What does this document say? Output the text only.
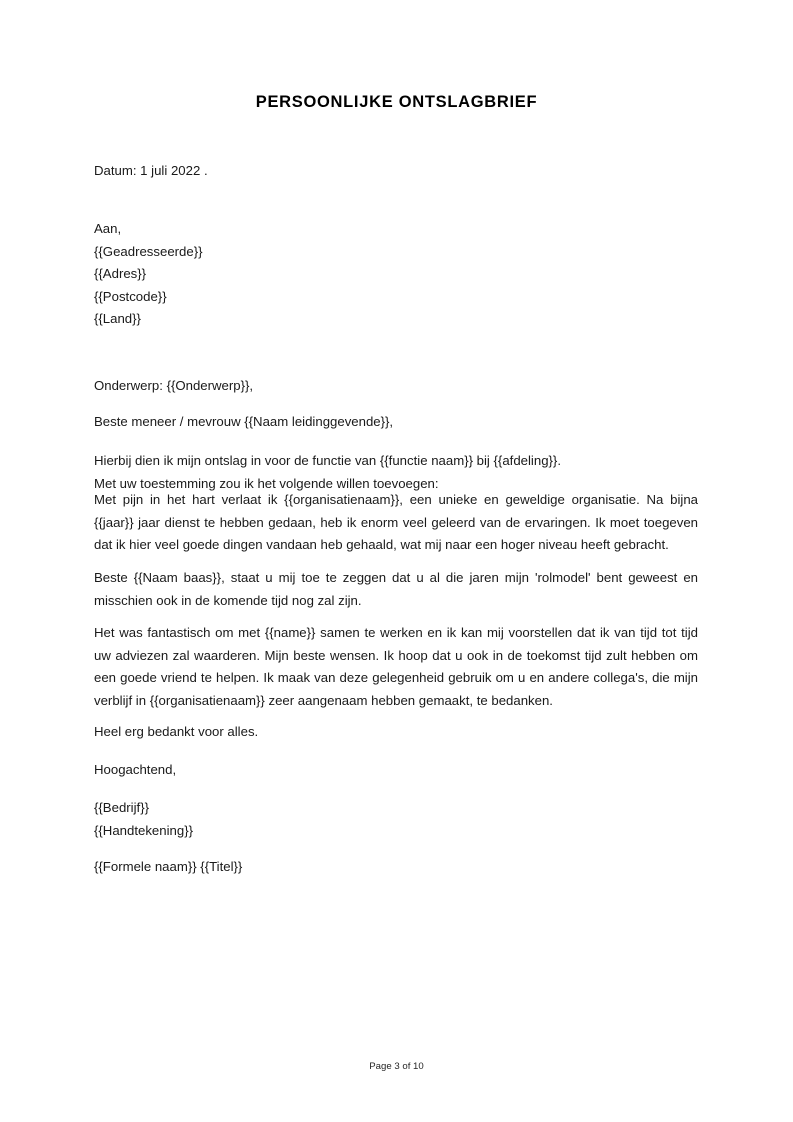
PERSOONLIJKE ONTSLAGBRIEF
Datum: 1 juli 2022 .
Aan,
{{Geadresseerde}}
{{Adres}}
{{Postcode}}
{{Land}}
Onderwerp: {{Onderwerp}},
Beste meneer / mevrouw {{Naam leidinggevende}},
Hierbij dien ik mijn ontslag in voor de functie van {{functie naam}} bij {{afdeling}}.
Met uw toestemming zou ik het volgende willen toevoegen:
Met pijn in het hart verlaat ik {{organisatienaam}}, een unieke en geweldige organisatie. Na bijna {{jaar}} jaar dienst te hebben gedaan, heb ik enorm veel geleerd van de ervaringen. Ik moet toegeven dat ik hier veel goede dingen vandaan heb gehaald, wat mij naar een hoger niveau heeft gebracht.
Beste {{Naam baas}}, staat u mij toe te zeggen dat u al die jaren mijn 'rolmodel' bent geweest en misschien ook in de komende tijd nog zal zijn.
Het was fantastisch om met {{name}} samen te werken en ik kan mij voorstellen dat ik van tijd tot tijd uw adviezen zal waarderen. Mijn beste wensen. Ik hoop dat u ook in de toekomst tijd zult hebben om een goede vriend te helpen. Ik maak van deze gelegenheid gebruik om u en andere collega's, die mijn verblijf in {{organisatienaam}} zeer aangenaam hebben gemaakt, te bedanken.
Heel erg bedankt voor alles.
Hoogachtend,
{{Bedrijf}}
{{Handtekening}}
{{Formele naam}} {{Titel}}
Page 3 of 10
